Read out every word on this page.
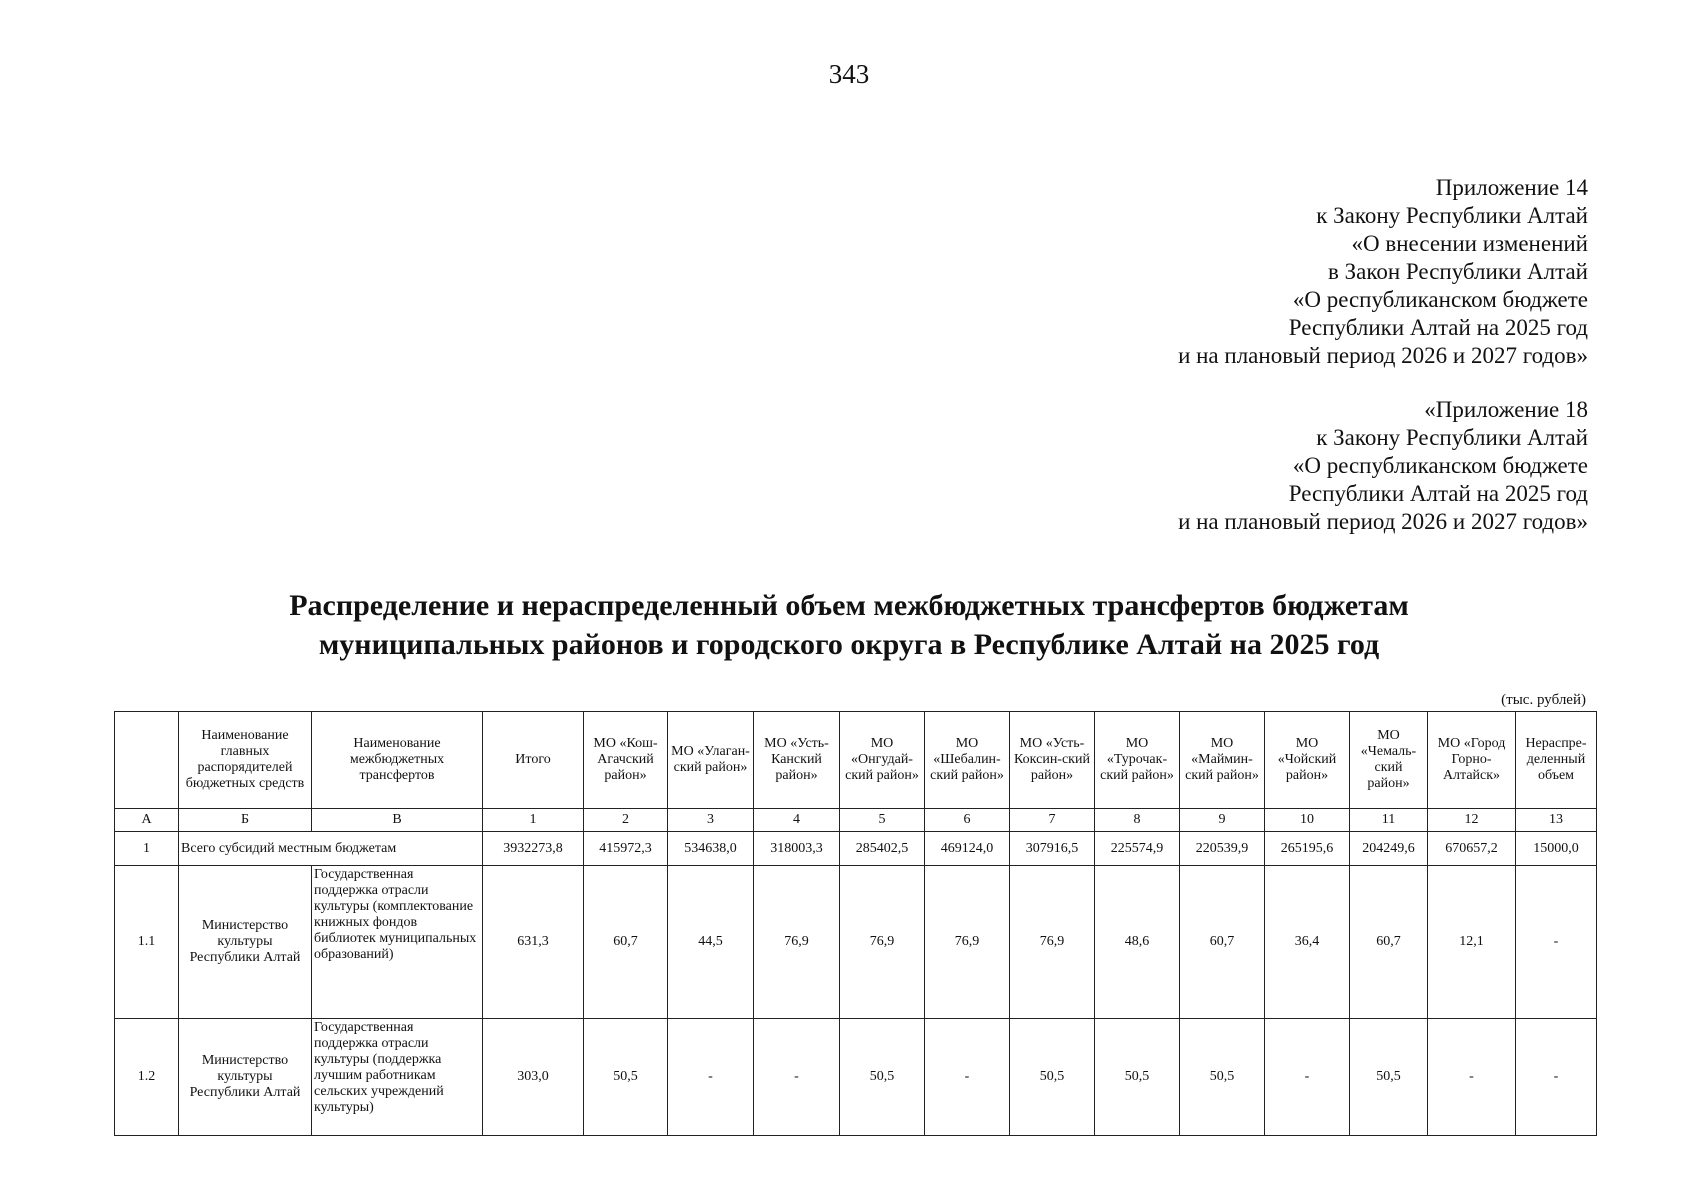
343
Приложение 14
к Закону Республики Алтай
«О внесении изменений
в Закон Республики Алтай
«О республиканском бюджете
Республики Алтай на 2025 год
и на плановый период 2026 и 2027 годов»
«Приложение 18
к Закону Республики Алтай
«О республиканском бюджете
Республики Алтай на 2025 год
и на плановый период 2026 и 2027 годов»
Распределение и нераспределенный объем межбюджетных трансфертов бюджетам
муниципальных районов и городского округа в Республике Алтай на 2025 год
(тыс. рублей)
	Наименование главных распорядителей бюджетных средств	Наименование межбюджетных трансфертов	Итого	МО «Кош-Агачский район»	МО «Улаган-ский район»	МО «Усть-Канский район»	МО «Онгудай-ский район»	МО «Шебалин-ский район»	МО «Усть-Коксин-ский район»	МО «Турочак-ский район»	МО «Маймин-ский район»	МО «Чойский район»	МО «Чемаль-ский район»	МО «Город Горно-Алтайск»	Нераспре-деленный объем
А	Б	В	1	2	3	4	5	6	7	8	9	10	11	12	13
1	Всего субсидий местным бюджетам		3932273,8	415972,3	534638,0	318003,3	285402,5	469124,0	307916,5	225574,9	220539,9	265195,6	204249,6	670657,2	15000,0
1.1	Министерство культуры Республики Алтай	Государственная поддержка отрасли культуры (комплектование книжных фондов библиотек муниципальных образований)	631,3	60,7	44,5	76,9	76,9	76,9	76,9	48,6	60,7	36,4	60,7	12,1	-
1.2	Министерство культуры Республики Алтай	Государственная поддержка отрасли культуры (поддержка лучшим работникам сельских учреждений культуры)	303,0	50,5	-	-	50,5	-	50,5	50,5	50,5	-	50,5	-	-
